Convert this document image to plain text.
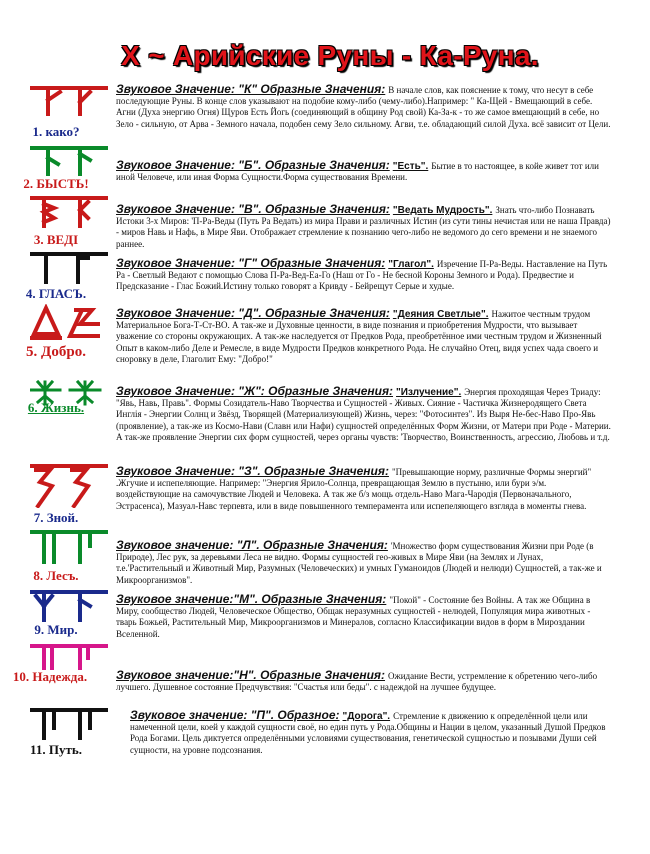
Х ~ Арийские Руны - Ка-Руна.
1. како?
Звуковое Значение: "К" Образные Значения: В начале слов, как пояснение к тому, что несут в себе последующие Руны. В конце слов указывают на подобие кому-либо (чему-либо).Например: " Ка-Щей - Вмещающий в себе. Агни (Духа энергию Огня) Щуров Есть Йогь (соединяющий в общину Род свой) Ка-За-к - то же самое вмещающий в себе, но Зело - сильную, от Арва - Земного начала, подобен сему Зело сильному. Агви, т.е. обладающий силой Духа. всё зависит от Цели.
2. БЫСТЬ!
Звуковое Значение: "Б". Образные Значения: "Есть". Бытие в то настоящее, в койе живет тот или иной Человече, или иная Форма Сущности.Форма существования Времени.
3. ВЕДІ
Звуковое Значение: "В". Образные Значения: "Ведать Мудрость". Знать что-либо Познавать Истоки 3-х Миров: 'П-Ра-Веды (Путь Ра Ведать) из мира Прави и различных Истин (из сути тины нечистая или не наша Правда) - миров Навь и Нафь, в Мире Яви. Отображает стремление к познанию чего-либо не ведомого до сего времени и не знаемого раннее.
4. ГЛАСЪ.
Звуковое Значение: "Г" Образные Значения: "Глагол". Изречение П-Ра-Веды. Наставление на Путь Ра - Светлый Ведают с помощью Слова П-Ра-Вед-Еа-Го (Наш от Го - Не бесной Короны Земного и Рода). Предвестие и Предсказание - Глас Божий.Истину только говорят а Кривду - Бейрещут Серые и худые.
5. Добро.
Звуковое Значение: "Д". Образные Значения: "Деяния Светлые". Нажитое честным трудом Материальное Бога-Т-Ст-ВО. А так-же и Духовные ценности, в виде познания и приобретения Мудрости, что вызывает уважение со стороны окружающих. А так-же наследуется от Предков Рода, преобретённое ими честным трудом и Жизненный Опыт в каком-либо Деле и Ремесле, в виде Мудрости Предков конкретного Рода. Не случайно Отец, видя успех чада своего и сноровку в деле, Глаголит Ему: "Добро!"
6. Жизнь.
Звуковое Значение: "Ж": Образные Значения: "Излучение". Энергия проходящая Через Триаду: "Явь, Навь, Правь". Формы Созидатель-Наво Творчества и Сущностей - Живых. Сияние - Частичка Жизнеродящего Света Инглія - Энергии Солнц и Звёзд, Творящей (Материализующей) Жизнь, через: "Фотосинтез". Из Выря Не-бес-Наво Про-Явь (проявление), а так-же из Космо-Нави (Славн или Нафи) сущностей определённых Форм Жизни, от Матери при Роде - Материи. А так-же проявление Энергии сих форм сущностей, через органы чувств: 'Творчество, Воинственность, агрессию, Любовь и т.д.
7. Зной.
Звуковое Значение: "З". Образные Значения: "Превышающие норму, различные Формы энергий" .Жгучие и испепеляющие. Например: "Энергия Ярило-Солнца, превращающая Землю в пустыню, или бури э/м. воздействующие на самочувствие Людей и Человека. А так же б/з мощь отдель-Наво Мага-Чародія (Первоначального, Эстрасенса), Мазуал-Навс терпевта, или в виде повышенного темперамента или испепеляющего взгляда в моменты гнева.
8. Лесъ.
Звуковое значение: "Л". Образные Значения: 'Множество форм существования Жизни при Роде (в Природе), Лес рук, за деревьями Леса не видно. Формы сущностей гео-живых в Мире Яви (на Землях и Лунах, т.е.'Растительный и Животный Мир, Разумных (Человеческих) и умных Гуманоидов (Людей и нелюди) Сущностей, а так-же и Микроорганизмов".
9. Мир.
Звуковое значение:"М". Образные Значения: "Покой" - Состояние без Войны. А так же Община в Миру, сообщество Людей, Человеческое Общество, Общак неразумных сущностей - нелюдей, Популяция мира животных - тварь Божьей, Растительный Мир, Микроорганизмов и Минералов, согласно Классификации видов в форм в Мироздании Вселенной.
10. Надежда.	Звуковое значение:"Н". Образные Значения: Ожидание Вести, устремление к обретению чего-либо лучшего. Душевное состояние Предчувствия: "Счастья или беды". с надеждой на лучшее будущее.
11. Путь.
Звуковое значение: "П". Образное: "Дорога". Стремление к движению к определённой цели или намеченной цели, коей у каждой сущности своё, но един путь у Рода.Общины и Нации в целом, указанный Душой Предков Рода Богами. Цель диктуется определёнными условиями существования, генетической сущностью и позывами Души сей сущности, на уровне подсознания.
